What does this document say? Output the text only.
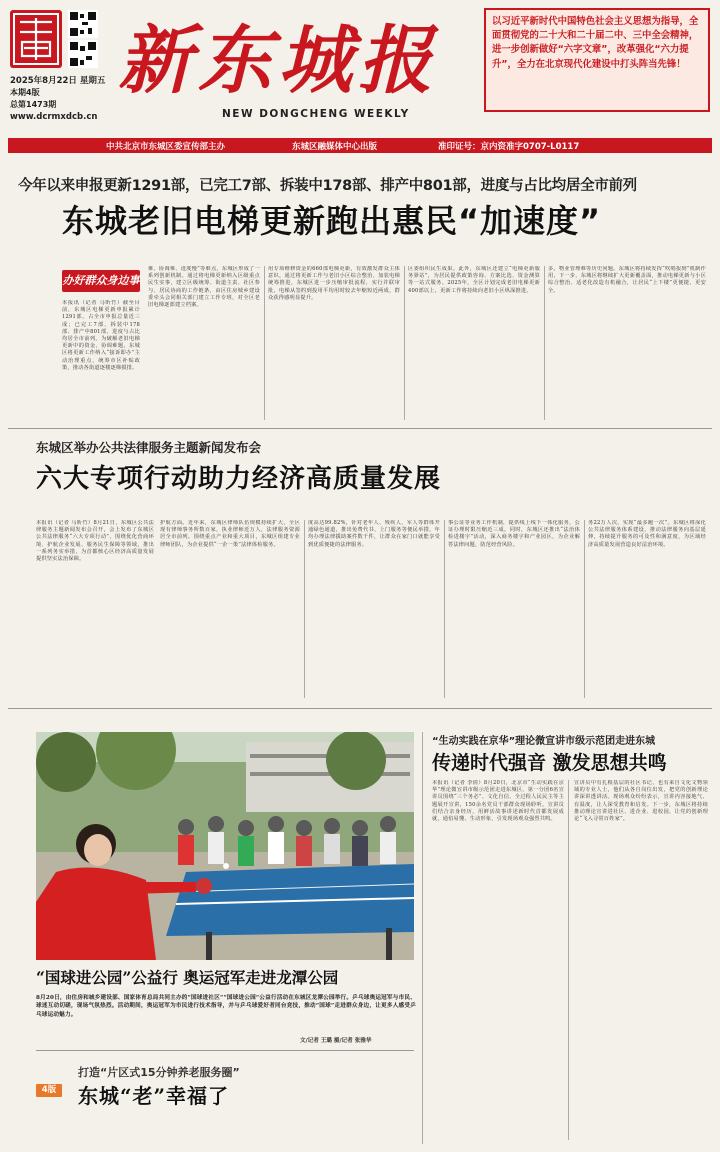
2025年8月22日 星期五
本期4版
总第1473期
www.dcrmxdcb.cn
新东城报
NEW DONGCHENG WEEKLY
以习近平新时代中国特色社会主义思想为指导，全面贯彻党的二十大和二十届二中、三中全会精神，进一步创新做好“六字文章”，改革强化“六力提升”，全力在北京现代化建设中打头阵当先锋！
中共北京市东城区委宣传部主办	东城区融媒体中心出版	准印证号：京内资准字0707-L0117
今年以来申报更新1291部，已完工7部、拆装中178部、排产中801部，进度与占比均居全市前列
东城老旧电梯更新跑出惠民“加速度”
办好群众身边事
本报讯（记者 马昕竹）截至目前，东城区电梯更新申报累计1291部，占全市申报总量近三成；已完工7部、拆装中178部、排产中801部，进度与占比均居全市前列。为破解老旧电梯更新中的资金、协调难题，东城区将更新工作纳入“接诉即办”主动治理重点，统筹市区补贴政策，推动各街道逐楼逐梯摸排。
难、协调难、进度慢”等难点，东城区形成了一系列创新机制。通过将电梯更新纳入区级重点民生实事，建立区级统筹、街道主责、社区参与、居民协商的工作链条，由区住房城乡建设委牵头会同相关部门建立工作专班，对全区老旧电梯逐部建立档案。
用专项维修资金的660部电梯更新，有效激发群众主体意识。通过将更新工作与老旧小区综合整治、加装电梯统筹推进，东城区进一步压缩审批流程，实行并联审批，电梯从签约到投用平均用时较去年缩短近两成，群众获得感明显提升。
区委组织民生成果。此外，东城区还建立“电梯更新服务驿站”，为居民提供政策咨询、方案比选、资金测算等一站式服务。2025年，全区计划完成老旧电梯更新400部以上，更新工作将持续向老旧小区纵深推进。
多，物业管理难等历史问题。东城区将持续发挥“吹哨报到”机制作用，下一步，东城区将继续扩大更新覆盖面，推动电梯更新与小区综合整治、适老化改造有机融合，让居民“上下楼”更便捷、更安全。
东城区举办公共法律服务主题新闻发布会
六大专项行动助力经济高质量发展
本报讯（记者 马昕竹）8月21日，东城区公共法律服务主题新闻发布会召开，会上发布了东城区公共法律服务“六大专项行动”，围绕优化营商环境、护航企业发展、服务民生保障等领域，推出一系列务实举措，为首都核心区经济高质量发展提供坚实法治保障。
护航方面。近年来，东城区律师队伍规模持续扩大，全区现有律师事务所数百家，执业律师近万人，法律服务资源居全市前列。围绕重点产业和重大项目，东城区组建专业律师团队，为企业提供“一企一策”法律体检服务。
度高达99.82%，针对老年人、残疾人、军人等群体开通绿色通道，推出免费代书、上门服务等便民举措，年均办理法律援助案件数千件，让群众在家门口就能享受到优质便捷的法律服务。
事公证等业务工作机制，提供线上线下一体化服务，公证办理时限压缩近三成。同时，东城区还推出“法治体检进楼宇”活动，深入商务楼宇和产业园区，为企业解答法律问题，防范经营风险。
务22万人次，实现“最多跑一次”。东城区将深化公共法律服务体系建设，推动法律服务向基层延伸，持续提升服务的可及性和满意度，为区域经济高质量发展营造良好法治环境。
“国球进公园”公益行 奥运冠军走进龙潭公园
8月20日，由住房和城乡建设部、国家体育总局共同主办的“国球进社区”“国球进公园”公益行活动在东城区龙潭公园举行。乒乓球奥运冠军与市民、球迷互动切磋，现场气氛热烈。活动期间，奥运冠军为市民进行技术指导，并与乒乓球爱好者同台竞技，推动“国球”走进群众身边，让更多人感受乒乓球运动魅力。
文/记者 王璐 摄/记者 张雅华
打造“片区式15分钟养老服务圈”
4版 东城“老”幸福了
“生动实践在京华”理论微宣讲市级示范团走进东城
传递时代强音 激发思想共鸣
本报讯（记者 李倩）8月20日，北京市“生动实践在京华”理论微宣讲市级示范团走进东城区，第一分团6名宣讲员围绕“三个务必”、文化自信、全过程人民民主等主题展开宣讲，150余名党员干部群众现场聆听。宣讲员们结合亲身经历，用鲜活故事讲述新时代首都发展成就，通俗易懂、生动形象，引发现场观众强烈共鸣。
宣讲员中有扎根基层的社区书记，也有来自文化文物领域的专业人士，他们从各自岗位出发，把党的创新理论讲深讲透讲活。现场观众纷纷表示，宣讲内容接地气、有温度，让人深受教育和启发。下一步，东城区将持续推动理论宣讲进社区、进企业、进校园，让党的创新理论“飞入寻常百姓家”。
